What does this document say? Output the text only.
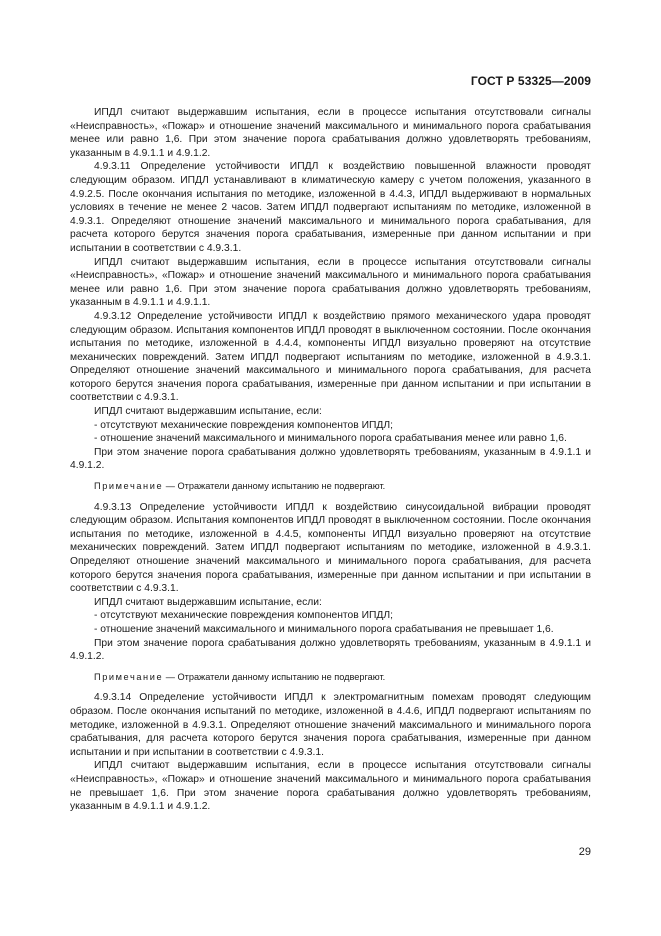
ГОСТ Р 53325—2009

ИПДЛ считают выдержавшим испытания, если в процессе испытания отсутствовали сигналы «Неисправность», «Пожар» и отношение значений максимального и минимального порога срабатывания менее или равно 1,6. При этом значение порога срабатывания должно удовлетворять требованиям, указанным в 4.9.1.1 и 4.9.1.2.

4.9.3.11 Определение устойчивости ИПДЛ к воздействию повышенной влажности проводят следующим образом. ИПДЛ устанавливают в климатическую камеру с учетом положения, указанного в 4.9.2.5. После окончания испытания по методике, изложенной в 4.4.3, ИПДЛ выдерживают в нормальных условиях в течение не менее 2 часов. Затем ИПДЛ подвергают испытаниям по методике, изложенной в 4.9.3.1. Определяют отношение значений максимального и минимального порога срабатывания, для расчета которого берутся значения порога срабатывания, измеренные при данном испытании и при испытании в соответствии с 4.9.3.1.

ИПДЛ считают выдержавшим испытания, если в процессе испытания отсутствовали сигналы «Неисправность», «Пожар» и отношение значений максимального и минимального порога срабатывания менее или равно 1,6. При этом значение порога срабатывания должно удовлетворять требованиям, указанным в 4.9.1.1 и 4.9.1.1.

4.9.3.12 Определение устойчивости ИПДЛ к воздействию прямого механического удара проводят следующим образом. Испытания компонентов ИПДЛ проводят в выключенном состоянии. После окончания испытания по методике, изложенной в 4.4.4, компоненты ИПДЛ визуально проверяют на отсутствие механических повреждений. Затем ИПДЛ подвергают испытаниям по методике, изложенной в 4.9.3.1. Определяют отношение значений максимального и минимального порога срабатывания, для расчета которого берутся значения порога срабатывания, измеренные при данном испытании и при испытании в соответствии с 4.9.3.1.

ИПДЛ считают выдержавшим испытание, если:

- отсутствуют механические повреждения компонентов ИПДЛ;

- отношение значений максимального и минимального порога срабатывания менее или равно 1,6.

При этом значение порога срабатывания должно удовлетворять требованиям, указанным в 4.9.1.1 и 4.9.1.2.

Примечание — Отражатели данному испытанию не подвергают.

4.9.3.13 Определение устойчивости ИПДЛ к воздействию синусоидальной вибрации проводят следующим образом. Испытания компонентов ИПДЛ проводят в выключенном состоянии. После окончания испытания по методике, изложенной в 4.4.5, компоненты ИПДЛ визуально проверяют на отсутствие механических повреждений. Затем ИПДЛ подвергают испытаниям по методике, изложенной в 4.9.3.1. Определяют отношение значений максимального и минимального порога срабатывания, для расчета которого берутся значения порога срабатывания, измеренные при данном испытании и при испытании в соответствии с 4.9.3.1.

ИПДЛ считают выдержавшим испытание, если:

- отсутствуют механические повреждения компонентов ИПДЛ;

- отношение значений максимального и минимального порога срабатывания не превышает 1,6.

При этом значение порога срабатывания должно удовлетворять требованиям, указанным в 4.9.1.1 и 4.9.1.2.

Примечание — Отражатели данному испытанию не подвергают.

4.9.3.14 Определение устойчивости ИПДЛ к электромагнитным помехам проводят следующим образом. После окончания испытаний по методике, изложенной в 4.4.6, ИПДЛ подвергают испытаниям по методике, изложенной в 4.9.3.1. Определяют отношение значений максимального и минимального порога срабатывания, для расчета которого берутся значения порога срабатывания, измеренные при данном испытании и при испытании в соответствии с 4.9.3.1.

ИПДЛ считают выдержавшим испытания, если в процессе испытания отсутствовали сигналы «Неисправность», «Пожар» и отношение значений максимального и минимального порога срабатывания не превышает 1,6. При этом значение порога срабатывания должно удовлетворять требованиям, указанным в 4.9.1.1 и 4.9.1.2.

29
